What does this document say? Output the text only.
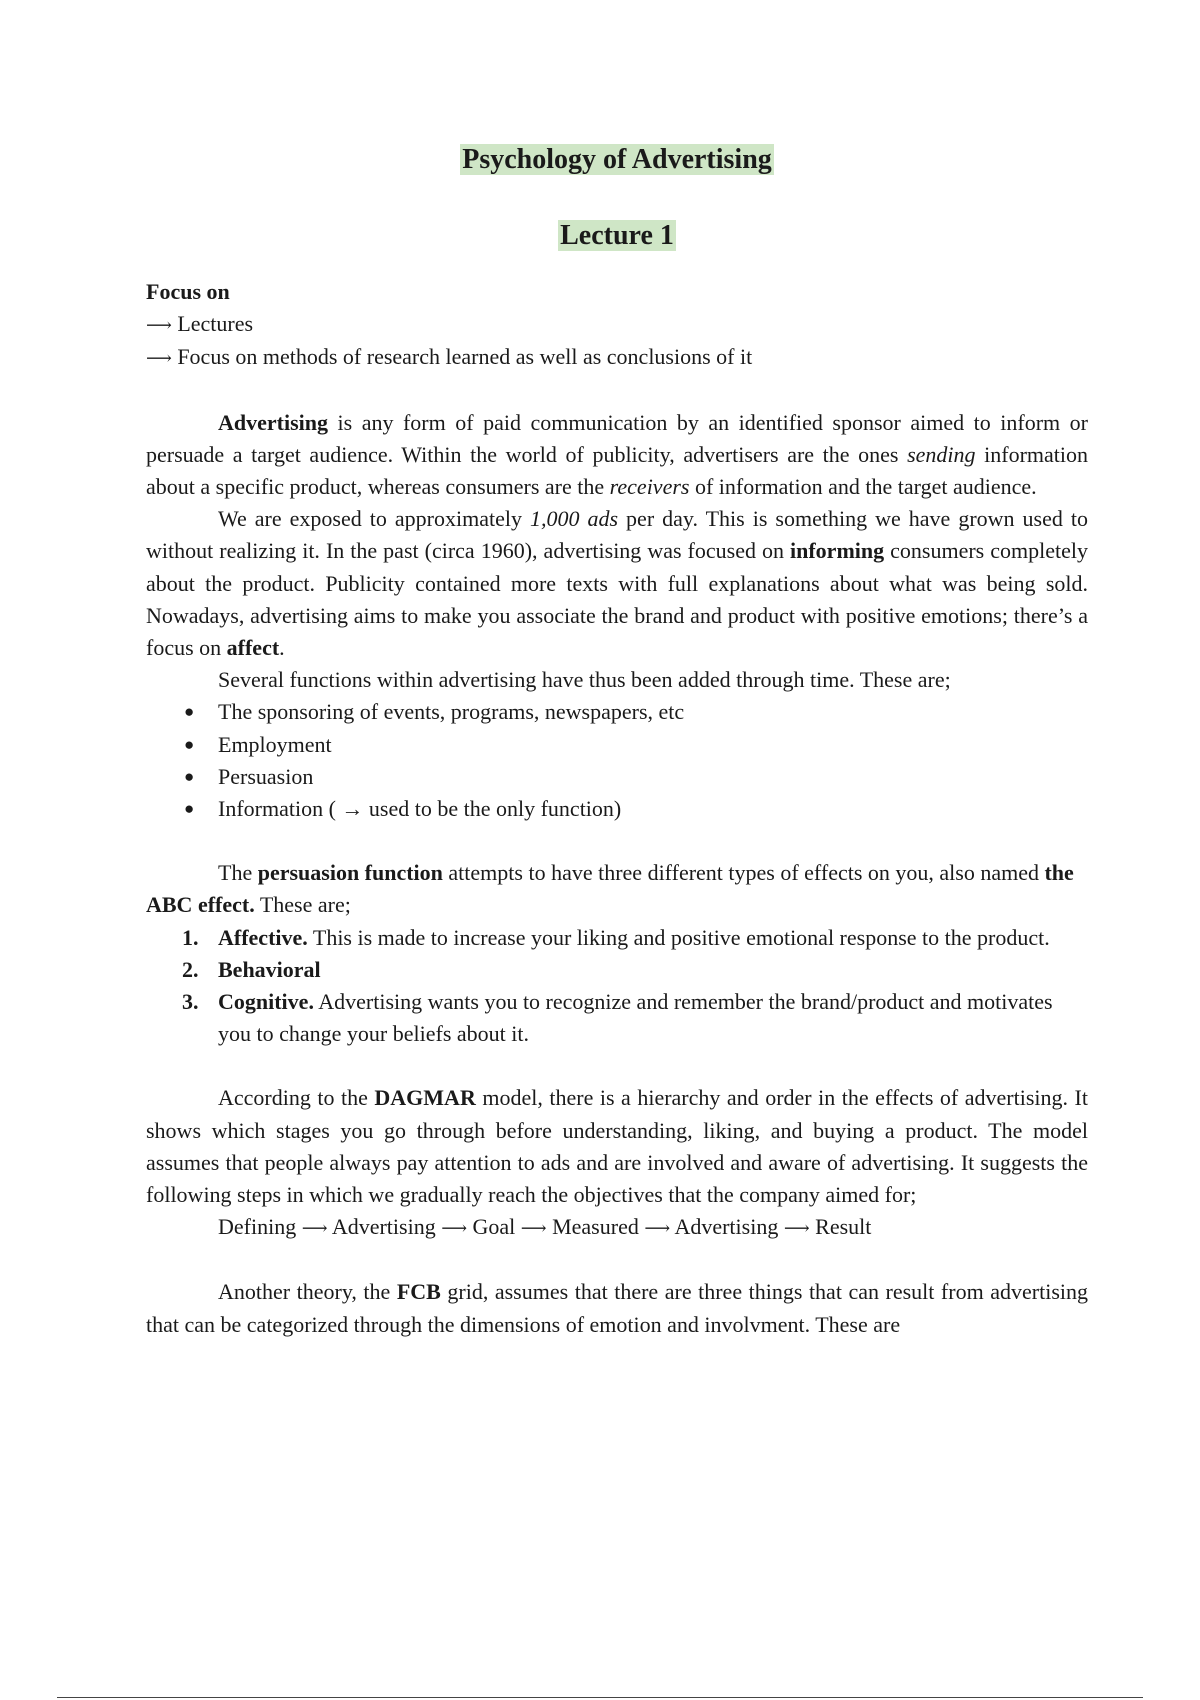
Psychology of Advertising
Lecture 1

Focus on

⟶ Lectures

⟶ Focus on methods of research learned as well as conclusions of it

Advertising is any form of paid communication by an identified sponsor aimed to inform or persuade a target audience. Within the world of publicity, advertisers are the ones sending information about a specific product, whereas consumers are the receivers of information and the target audience.

We are exposed to approximately 1,000 ads per day. This is something we have grown used to without realizing it. In the past (circa 1960), advertising was focused on informing consumers completely about the product. Publicity contained more texts with full explanations about what was being sold. Nowadays, advertising aims to make you associate the brand and product with positive emotions; there’s a focus on affect.

Several functions within advertising have thus been added through time. These are;

● The sponsoring of events, programs, newspapers, etc
● Employment
● Persuasion
● Information ( → used to be the only function)

The persuasion function attempts to have three different types of effects on you, also named the ABC effect. These are;

1. Affective. This is made to increase your liking and positive emotional response to the product.
2. Behavioral
3. Cognitive. Advertising wants you to recognize and remember the brand/product and motivates you to change your beliefs about it.

According to the DAGMAR model, there is a hierarchy and order in the effects of advertising. It shows which stages you go through before understanding, liking, and buying a product. The model assumes that people always pay attention to ads and are involved and aware of advertising. It suggests the following steps in which we gradually reach the objectives that the company aimed for;

Defining ⟶ Advertising ⟶ Goal ⟶ Measured ⟶ Advertising ⟶ Result

Another theory, the FCB grid, assumes that there are three things that can result from advertising that can be categorized through the dimensions of emotion and involvment. These are
